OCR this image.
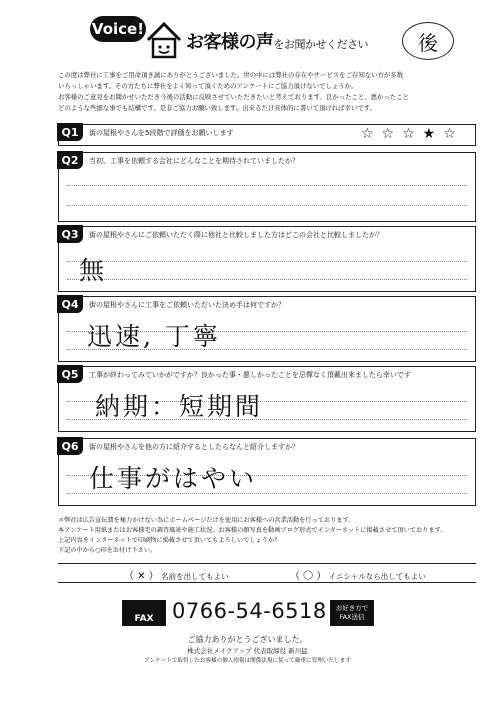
Voice!
お客様の声をお聞かせください	後
この度は弊社に工事をご用命頂き誠にありがとうございました。世の中には弊社の存在やサービスをご存知ない方が多数
いらっしゃいます。その方たちに弊社をよく知って頂くためのアンケートにご協力頂けないでしょうか。
お客様のご意見をお聞かせいただき今後の活動に反映させていただきたいと考えております。良かったこと、悪かったこと
どのような些細な事でも結構です。是非ご協力お願い致します。出来るだけ具体的に書いて頂ければ幸いです。
Q1	街の屋根やさんを5段階で評価をお願いします	☆☆☆★☆
Q2	当初、工事を依頼する会社にどんなことを期待されていましたか？
Q3	街の屋根やさんにご依頼いただく際に他社と比較しました方はどこの会社と比較しましたか？
無
Q4	街の屋根やさんに工事をご依頼いただいた決め手は何ですか？
迅速, 丁寧
Q5	工事が終わってみていかがですか？良かった事・悪しかったことを忌憚なく頂戴出来ましたら幸いです
納期：短期間
Q6	街の屋根やさんを他の方に紹介するとしたらなんと紹介しますか？
仕事がはやい
＊弊社は広告宣伝費を極力かけない為にホームページだけを使用にお客様への営業活動を行っております。
本アンケート用紙またはお客様宅の調査風景や施工状況、お客様の顔写真を動画ブログ形式でインターネットに掲載させて頂いております。
上記内容をインターネットで印刷物に掲載させて頂いてもよろしいでしょうか？
下記の中から○印をお付け下さい。
（ ✕ ） 名前を出してもよい	（ 〇 ） イニシャルなら出してもよい
FAX 0766-54-6518	お好き方で FAX送信
ご協力ありがとうございました。
株式会社メイクアップ 代表取締役 新川猛
アンケートで取得したお客様の個人情報は関係法規に従って厳重に管理いたします
